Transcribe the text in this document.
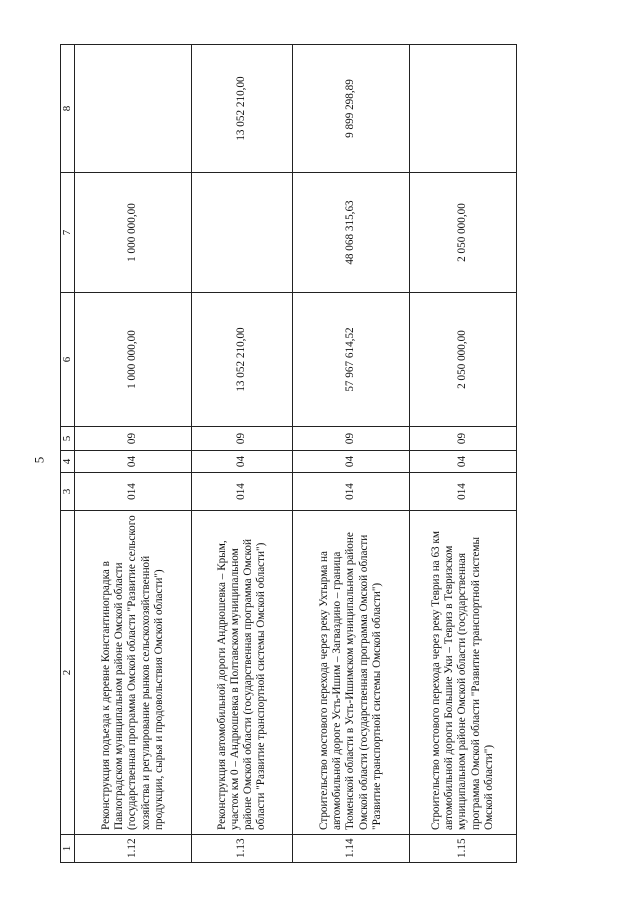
5
1	2	3	4	5	6	7	8
1.12	Реконструкция подъезда к деревне Константиноградка в Павлоградском муниципальном районе Омской области (государственная программа Омской области "Развитие сельского хозяйства и регулирование рынков сельскохозяйственной продукции, сырья и продовольствия Омской области")	014	04	09	1 000 000,00	1 000 000,00	
1.13	Реконструкция автомобильной дороги Андрюшевка – Крым, участок км 0 – Андрюшевка в Полтавском муниципальном районе Омской области (государственная программа Омской области "Развитие транспортной системы Омской области")	014	04	09	13 052 210,00		13 052 210,00
1.14	Строительство мостового перехода через реку Ухтырма на автомобильной дороге Усть-Ишим – Загваздино – граница Тюменской области в Усть-Ишимском муниципальном районе Омской области (государственная программа Омской области "Развитие транспортной системы Омской области")	014	04	09	57 967 614,52	48 068 315,63	9 899 298,89
1.15	Строительство мостового перехода через реку Тевриз на 63 км автомобильной дороги Большие Уки – Тевриз в Тевризском муниципальном районе Омской области (государственная программа Омской области "Развитие транспортной системы Омской области")	014	04	09	2 050 000,00	2 050 000,00	
